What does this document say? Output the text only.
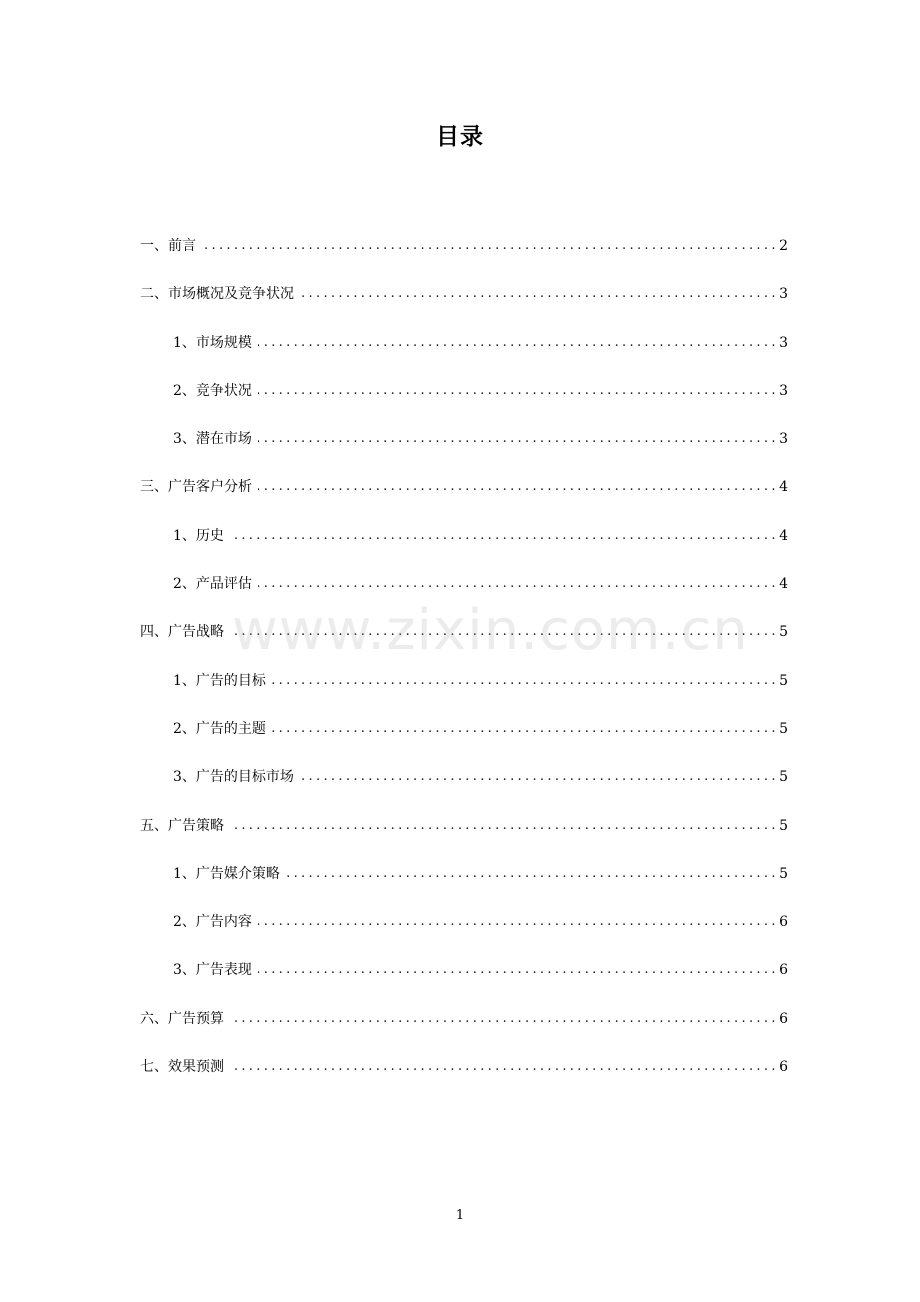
目录
一、前言 . . .	2
二、市场概况及竞争状况 . . .	3
1、市场规模 . . .	3
2、竞争状况 . . .	3
3、潜在市场 . . .	3
三、广告客户分析 . . .	4
1、历史 . . .	4
2、产品评估 . . .	4
四、广告战略 . . .	5
1、广告的目标 . . .	5
2、广告的主题 . . .	5
3、广告的目标市场 . . .	5
五、广告策略 . . .	5
1、广告媒介策略 . . .	5
2、广告内容 . . .	6
3、广告表现 . . .	6
六、广告预算 . . .	6
七、效果预测 . . .	6
www.zixin.com.cn
1
